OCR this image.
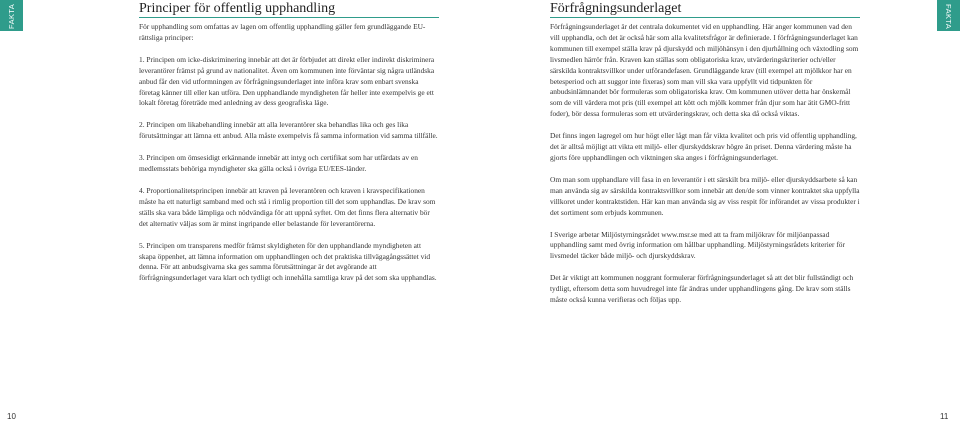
FAKTA	FAKTA
Principer för offentlig upphandling

För upphandling som omfattas av lagen om offentlig upphandling gäller fem grundläggande EU-rättsliga principer:

1. Principen om icke-diskriminering innebär att det är förbjudet att direkt eller indirekt diskriminera leverantörer främst på grund av nationalitet. Även om kommunen inte förväntar sig några utländska anbud får den vid utformningen av förfrågningsunderlaget inte införa krav som enbart svenska företag känner till eller kan utföra. Den upphandlande myndigheten får heller inte exempelvis ge ett lokalt företag företräde med anledning av dess geografiska läge.

2. Principen om likabehandling innebär att alla leverantörer ska behandlas lika och ges lika förutsättningar att lämna ett anbud. Alla måste exempelvis få samma information vid samma tillfälle.

3. Principen om ömsesidigt erkännande innebär att intyg och certifikat som har utfärdats av en medlemsstats behöriga myndigheter ska gälla också i övriga EU/EES-länder.

4. Proportionalitetsprincipen innebär att kraven på leverantören och kraven i kravspecifikationen måste ha ett naturligt samband med och stå i rimlig proportion till det som upphandlas. De krav som ställs ska vara både lämpliga och nödvändiga för att uppnå syftet. Om det finns flera alternativ bör det alternativ väljas som är minst ingripande eller belastande för leverantörerna.

5. Principen om transparens medför främst skyldigheten för den upphandlande myndigheten att skapa öppenhet, att lämna information om upphandlingen och det praktiska tillvägagångssättet vid denna. För att anbudsgivarna ska ges samma förutsättningar är det avgörande att förfrågningsunderlaget vara klart och tydligt och innehålla samtliga krav på det som ska upphandlas.

Förfrågningsunderlaget

Förfrågningsunderlaget är det centrala dokumentet vid en upphandling. Här anger kommunen vad den vill upphandla, och det är också här som alla kvalitetsfrågor är definierade. I förfrågningsunderlaget kan kommunen till exempel ställa krav på djurskydd och miljöhänsyn i den djurhållning och växtodling som livsmedlen härrör från. Kraven kan ställas som obligatoriska krav, utvärderingskriterier och/eller särskilda kontraktsvillkor under utförandefasen. Grundläggande krav (till exempel att mjölkkor har en betesperiod och att suggor inte fixeras) som man vill ska vara uppfyllt vid tidpunkten för anbudsinlämnandet bör formuleras som obligatoriska krav. Om kommunen utöver detta har önskemål som de vill värdera mot pris (till exempel att kött och mjölk kommer från djur som har ätit GMO-fritt foder), bör dessa formuleras som ett utvärderingskrav, och detta ska då också viktas.

Det finns ingen lagregel om hur högt eller lågt man får vikta kvalitet och pris vid offentlig upphandling, det är alltså möjligt att vikta ett miljö- eller djurskyddskrav högre än priset. Denna värdering måste ha gjorts före upphandlingen och viktningen ska anges i förfrågningsunderlaget.

Om man som upphandlare vill fasa in en leverantör i ett särskilt bra miljö- eller djurskyddsarbete så kan man använda sig av särskilda kontraktsvillkor som innebär att den/de som vinner kontraktet ska uppfylla villkoret under kontraktstiden. Här kan man använda sig av viss respit för införandet av vissa produkter i det sortiment som erbjuds kommunen.

I Sverige arbetar Miljöstyrningsrådet www.msr.se med att ta fram miljökrav för miljöanpassad upphandling samt med övrig information om hållbar upphandling. Miljöstyrningsrådets kriterier för livsmedel täcker både miljö- och djurskyddskrav.

Det är viktigt att kommunen noggrant formulerar förfrågningsunderlaget så att det blir fullständigt och tydligt, eftersom detta som huvudregel inte får ändras under upphandlingens gång. De krav som ställs måste också kunna verifieras och följas upp.

10	11
